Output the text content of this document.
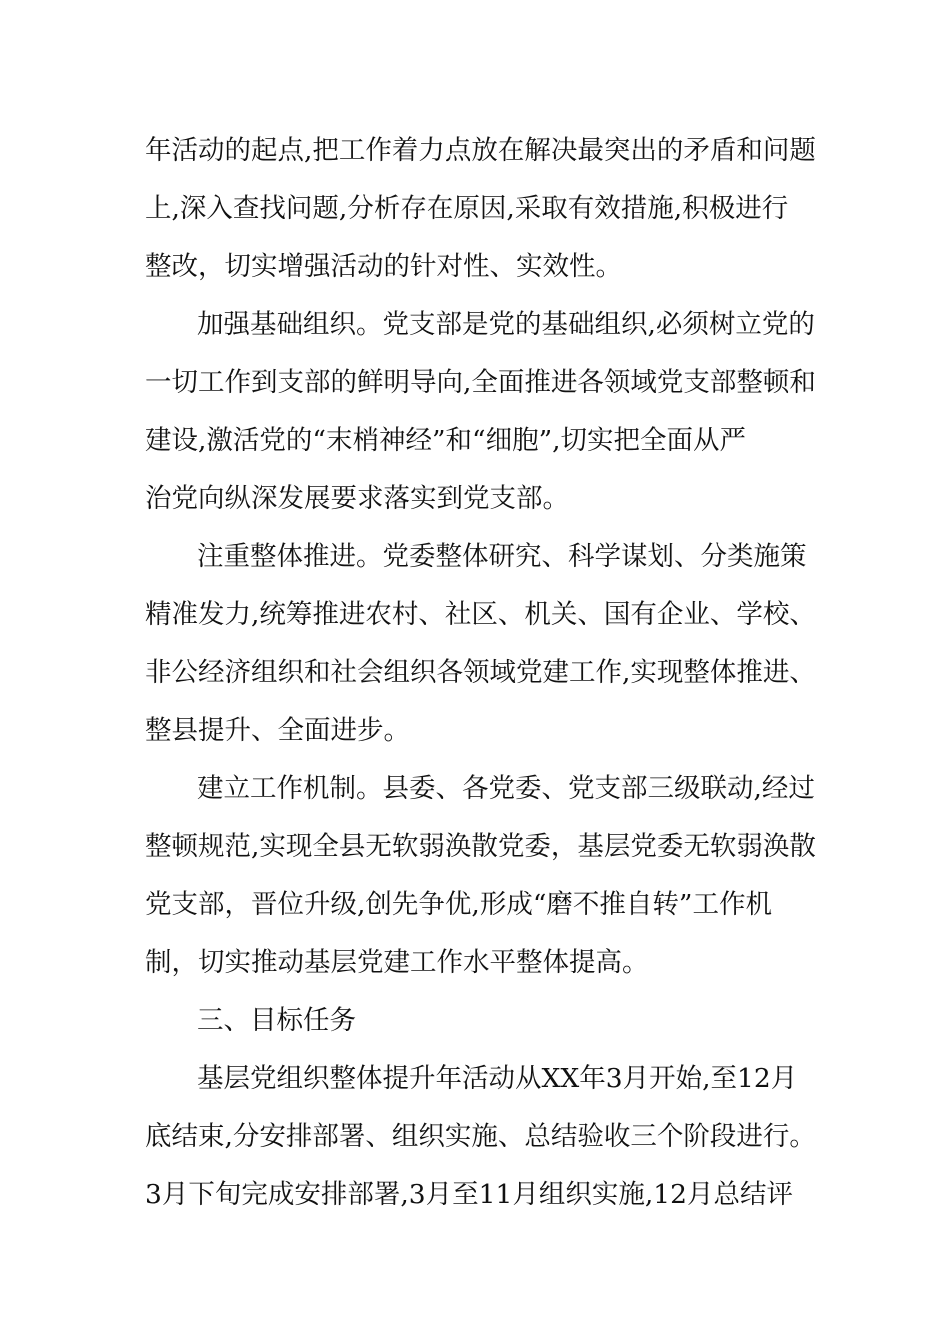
年活动的起点,把工作着力点放在解决最突出的矛盾和问题
上,深入查找问题,分析存在原因,采取有效措施,积极进行
整改，切实增强活动的针对性、实效性。
加强基础组织。党支部是党的基础组织,必须树立党的
一切工作到支部的鲜明导向,全面推进各领域党支部整顿和
建设,激活党的“末梢神经”和“细胞”,切实把全面从严
治党向纵深发展要求落实到党支部。
注重整体推进。党委整体研究、科学谋划、分类施策
精准发力,统筹推进农村、社区、机关、国有企业、学校、
非公经济组织和社会组织各领域党建工作,实现整体推进、
整县提升、全面进步。
建立工作机制。县委、各党委、党支部三级联动,经过
整顿规范,实现全县无软弱涣散党委，基层党委无软弱涣散
党支部，晋位升级,创先争优,形成“磨不推自转”工作机
制，切实推动基层党建工作水平整体提高。
三、目标任务
基层党组织整体提升年活动从XX年3月开始,至12月
底结束,分安排部署、组织实施、总结验收三个阶段进行。
3月下旬完成安排部署,3月至11月组织实施,12月总结评
